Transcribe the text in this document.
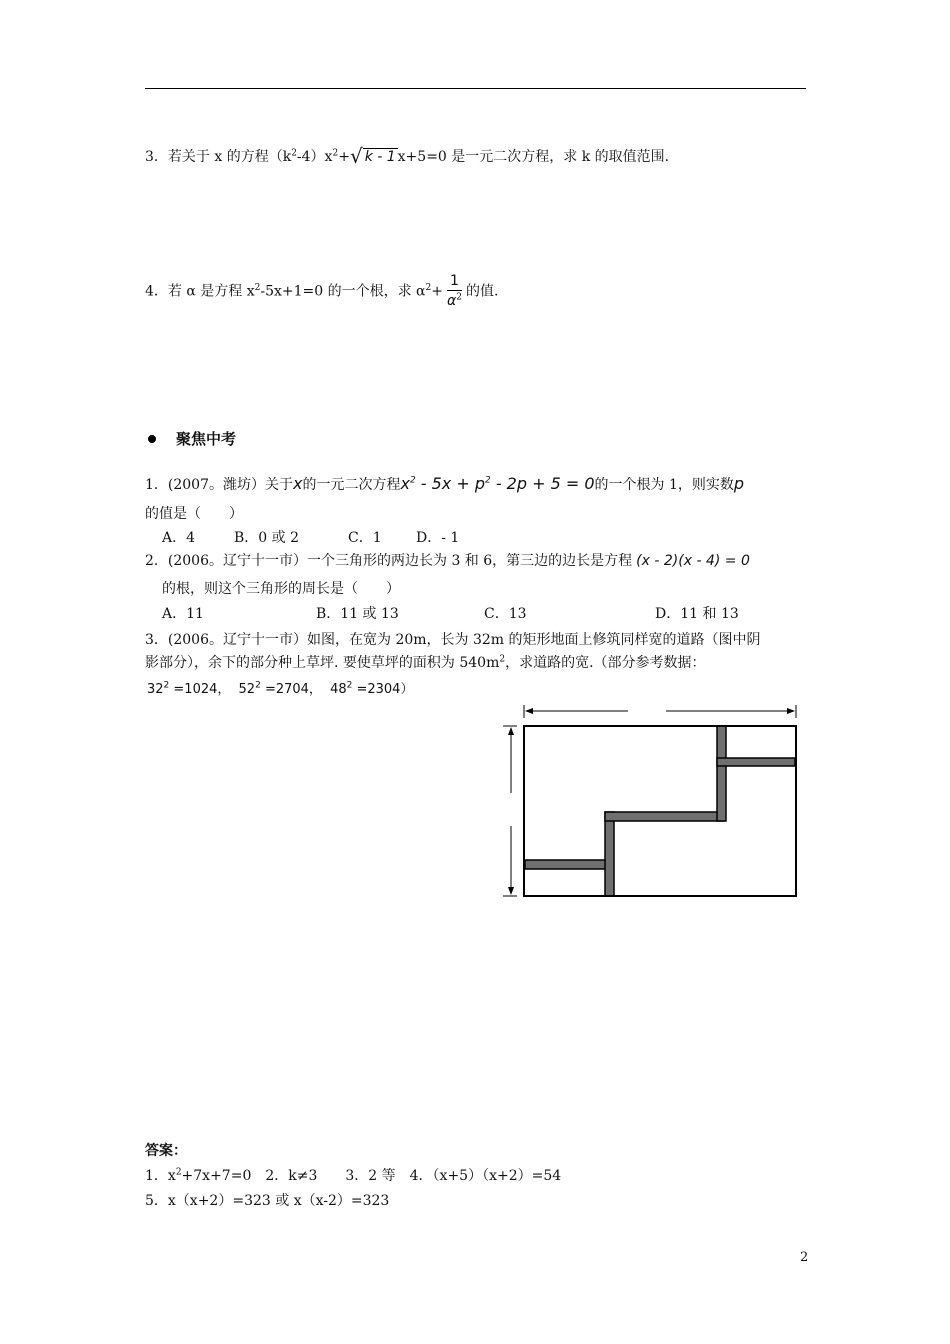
3．若关于 x 的方程$(k^2-4)x^2+√$ k - 1 x+5=0 是一元二次方程，求 k 的取值范围．
4．若 α 是方程 $x^2-5x+1=0$ 的一个根，求 $\alpha^2+ \frac{1}{\alpha^2}$ 的值.
聚焦中考
1．(2007。潍坊）关于x的一元二次方程$x^2 - 5x + p^2 - 2p + 5 = 0$的一个根为 1，则实数p
的值是（　　）
A．4	B．0 或 2	C．1 D．- 1
2．(2006。辽宁十一市）一个三角形的两边长为 3 和 6，第三边的边长是方程 (x - 2)(x - 4) = 0
的根，则这个三角形的周长是（　　）
A．11	B．11 或 13	C．13	D．11 和 13
3．(2006。辽宁十一市）如图，在宽为 20m，长为 32m 的矩形地面上修筑同样宽的道路（图中阴
影部分），余下的部分种上草坪. 要使草坪的面积为 $540m^2$，求道路的宽.（部分参考数据：
$32^2 =1024$， $52^2 =2704$， $48^2 =2304$）
答案：
1．$x^2+7x+7=0$　2．k≠3　　3．2 等　4．（x+5）（x+2）=54
5．x（x+2）=323 或 x（x-2）=323
2
